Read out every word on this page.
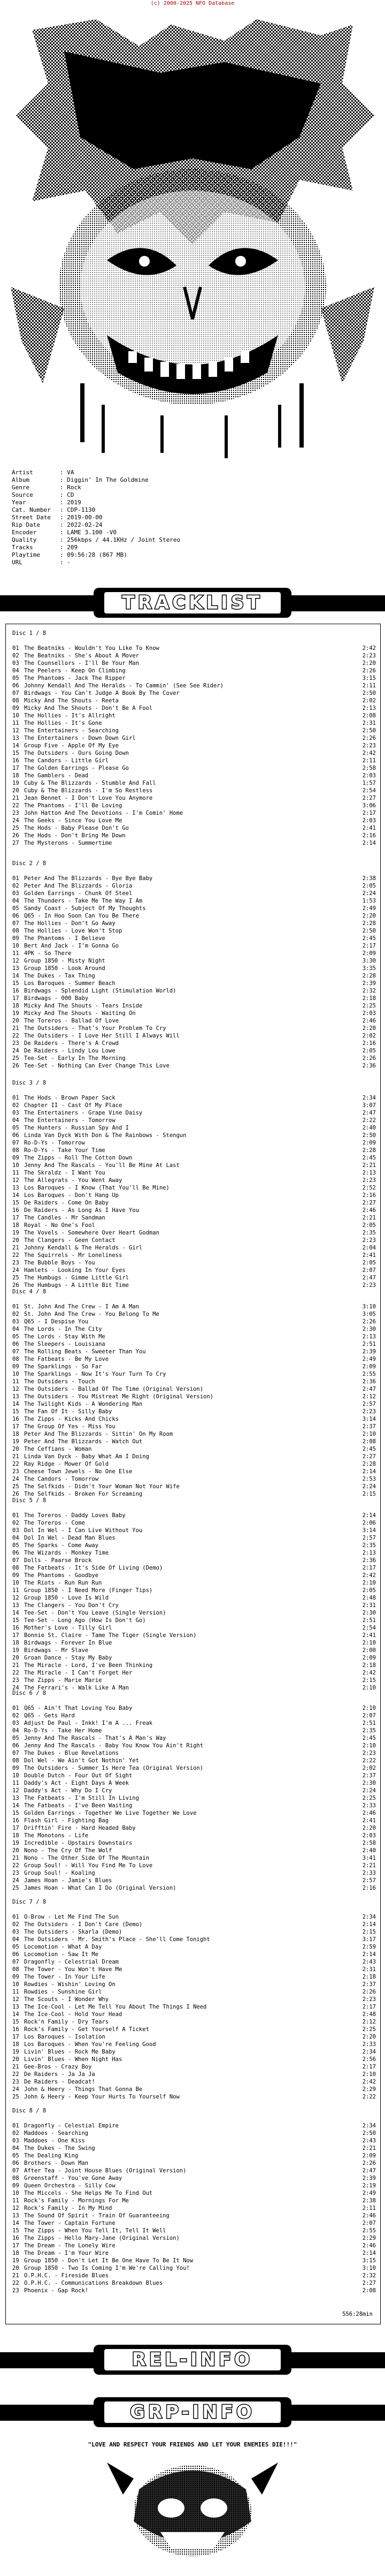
(c) 2000-2025 NFO Database
Artist	: VA
Album	: Diggin' In The Goldmine
Genre	: Rock
Source	: CD
Year	: 2019
Cat. Number : CDP-1130
Street Date : 2019-00-00
Rip Date	: 2022-02-24
Encoder	: LAME 3.100 -V0
Quality	: 256kbps / 44.1KHz / Joint Stereo
Tracks	: 209
Playtime	: 09:56:28 (867 MB)
URL	: -
TRACKLIST
Disc 1 / 8

01 The Beatniks - Wouldn't You Like To Know	2:42
02 The Beatniks - She's About A Mover	2:23
03 The Counsellors - I'll Be Your Man	2:20
04 The Peelers - Keep On Climbing	2:26
05 The Phantoms - Jack The Ripper	3:15
06 Johnny Kendall And The Heralds - To Cammin' (See See Rider)	2:11
07 Birdwags - You Can't Judge A Book By The Cover	2:50
08 Micky And The Shouts - Reeta	2:02
09 Micky And The Shouts - Don't Be A Fool	2:13
10 The Hollies - It's Allright	2:08
11 The Hollies - It's Gone	2:31
12 The Entertainers - Searching	2:50
13 The Entertainers - Down Down Girl	2:26
14 Group Five - Apple Of My Eye	2:23
15 The Outsiders - Ours Going Down	2:42
16 The Candors - Little Girl	2:11
17 The Golden Earrings - Please Go	2:58
18 The Gamblers - Dead	2:03
19 Cuby & The Blizzards - Stumble And Fall	1:57
20 Cuby & The Blizzards - I'm So Restless	2:54
21 Jean Bennet - I Don't Love You Anymore	2:27
22 The Phantoms - I'll Be Loving	3:06
23 John Hatton And The Devotions - I'm Comin' Home	2:17
24 The Geeks - Since You Love Me	2:03
25 The Hods - Baby Please Don't Go	2:41
26 The Hods - Don't Bring Me Down	2:16
27 The Mysterons - Summertime	2:14
Disc 2 / 8

01 Peter And The Blizzards - Bye Bye Baby	2:38
02 Peter And The Blizzards - Gloria	2:05
03 Golden Earrings - Chunk Of Steel	2:24
04 The Thunders - Take Me The Way I Am	1:53
05 Sandy Coast - Subject Of My Thoughts	2:49
06 Q65 - In Hoo Soon Can You Be There	2:20
07 The Hollies - Don't Go Away	2:28
08 The Hollies - Love Won't Stop	2:50
09 The Phantoms - I Believe	2:45
10 Bert And Jack - I'm Gonna Go	2:17
11 4PK - So There	2:09
12 Group 1850 - Misty Night	3:30
13 Group 1850 - Look Around	3:35
14 The Dukes - Tax Thing	2:28
15 Los Baroques - Summer Beach	2:39
16 Birdwags - Splendid Light (Stimulation World)	2:32
17 Birdwags - 000 Baby	2:18
18 Micky And The Shouts - Tears Inside	2:25
19 Micky And The Shouts - Waiting On	2:03
20 The Toreros - Ballad Of Love	2:46
21 The Outsiders - That's Your Problem To Cry	2:20
22 The Outsiders - I Love Her Still I Always Will	2:02
23 De Raiders - There's A Crowd	2:16
24 De Raiders - Lindy Lou Lowe	2:05
25 Tee-Set - Early In The Morning	2:26
26 Tee-Set - Nothing Can Ever Change This Love	2:36
Disc 3 / 8

01 The Hods - Brown Paper Sack	2:34
02 Chapter II - Cast Of My Place	3:07
03 The Entertainers - Grape Vine Daisy	2:47
04 The Entertainers - Tomorrow	2:22
05 The Hunters - Russian Spy And I	2:40
06 Linda Van Dyck With Don & The Rainbows - Stengun	2:50
07 Ro-D-Ys - Tomorrow	2:09
08 Ro-D-Ys - Take Your Time	2:28
09 The Zipps - Roll The Cotton Down	2:45
10 Jenny And The Rascals - You'll Be Mine At Last	2:21
11 The Skraldz - I Want You	2:13
12 The Allegrats - You Went Away	2:23
13 Los Baroques - I Know (That You'll Be Mine)	2:52
14 Los Baroques - Don't Hang Up	2:16
15 De Raiders - Come On Baby	2:27
16 De Raiders - As Long As I Have You	2:46
17 The Candles - Mr Sandman	2:21
18 Royal - No One's Fool	2:05
19 The Vovels - Somewhere Over Heart Godman	2:35
20 The Clangers - Geen Contact	2:23
21 Johnny Kendall & The Heralds - Girl	2:04
22 The Squirrels - Mr Loneliness	2:41
23 The Bubble Boys - You	2:05
24 Hamlets - Looking In Your Eyes	2:07
25 The Humbugs - Gimme Little Girl	2:47
26 The Humbugs - A Little Bit Time	2:23
Disc 4 / 8

01 St. John And The Crew - I Am A Man	3:10
02 St. John And The Crew - You Belong To Me	3:05
03 Q65 - I Despise You	2:26
04 The Lords - In The City	2:30
05 The Lords - Stay With Me	2:13
06 The Sleepers - Louisiana	2:51
07 The Rolling Beats - Sweeter Than You	2:39
08 The Fatbeats - Be My Love	2:49
09 The Sparklings - So Far	2:09
10 The Sparklings - Now It's Your Turn To Cry	2:55
11 The Outsiders - Touch	2:36
12 The Outsiders - Ballad Of The Time (Original Version)	2:47
13 The Outsiders - You Mistreat Me Right (Original Version)	2:12
14 The Twilight Kids - A Wondering Man	2:57
15 The Fan Of It - Silly Baby	2:23
16 The Zipps - Kicks And Chicks	3:14
17 The Group Of Yes - Miss You	2:37
18 Peter And The Blizzards - Sittin' On My Room	2:10
19 Peter And The Blizzards - Watch Out	2:08
20 The Ceffians - Woman	2:45
21 Linda Van Dyck - Baby What Am I Doing	2:27
22 Ray Ridge - Mower Of Gold	2:28
23 Cheese Town Jewels - No One Else	2:14
24 The Candors - Tomorrow	2:53
25 The Selfkids - Didn't Your Woman Not Your Wife	2:24
26 The Selfkids - Broken For Screaming	2:15
Disc 5 / 8

01 The Toreros - Daddy Loves Baby	2:14
02 The Toreros - Come	2:06
03 Dol In Wel - I Can Live Without You	3:14
04 Dol In Wel - Dead Man Blues	2:57
05 The Sparks - Come Away	2:35
06 The Wizards - Monkey Time	2:13
07 Dolls - Paarse Brock	2:36
08 The Fatbeats - It's Side Of Living (Demo)	2:17
09 The Phantoms - Goodbye	2:42
10 The Riots - Run Run Run	2:10
11 Group 1850 - I Need More (Finger Tips)	2:05
12 Group 1850 - Love Is Wild	2:48
13 The Clangers - You Don't Cry	2:31
14 Tee-Set - Don't You Leave (Single Version)	2:30
15 Tee-Set - Long Ago (How Is Don't Go)	2:51
16 Mother's Love - Tilly Girl	2:54
17 Bonnie St. Claire - Tame The Tiger (Single Version)	2:41
18 Birdwags - Forever In Blue	2:10
19 Birdwags - Mr Slave	2:00
20 Groan Dance - Stay My Baby	2:09
21 The Miracle - Lord, I've Been Thinking	2:18
22 The Miracle - I Can't Forget Her	2:42
23 The Zipps - Marie Marie	2:15
24 The Ferrari's - Walk Like A Man	2:10
Disc 6 / 8

01 Q65 - Ain't That Loving You Baby	2:10
02 Q65 - Gets Hard	2:07
03 Adjust De Paul - Inkk! I'm A ... Freak	2:51
04 Ro-D-Ys - Take Her Home	2:35
05 Jenny And The Rascals - That's A Man's Way	2:45
06 Jenny And The Rascals - Baby You Know You Ain't Right	2:10
07 The Dukes - Blue Revelations	2:23
08 Dol Wel - We Ain't Got Nothin' Yet	2:22
09 The Outsiders - Summer Is Here Tea (Original Version)	2:02
10 Double Dutch - Four Out Of Sight	2:37
11 Daddy's Act - Eight Days A Week	2:30
12 Daddy's Act - Why Do I Cry	2:24
13 The Fatbeats - I'm Still In Living	2:25
14 The Fatbeats - I've Been Waiting	2:33
15 Golden Earrings - Together We Live Together We Love	2:46
16 Flash Girl - Fighting Bag	2:41
17 Drifftin' Fire - Hard Headed Baby	2:20
18 The Monotons - Life	2:03
19 Incredible - Upstairs Downstairs	2:58
20 Nono - The Cry Of The Wolf	2:40
21 Nono - The Other Side Of The Mountain	3:41
22 Group Soul! - Will You Find Me To Love	2:21
23 Group Soul! - Koaling	2:33
24 James Hoan - Jamie's Blues	2:57
25 James Hoan - What Can I Do (Original Version)	2:16
Disc 7 / 8

01 O-Brow - Let Me Find The Sun	2:34
02 The Outsiders - I Don't Care (Demo)	2:14
03 The Outsiders - Skarla (Demo)	2:15
04 The Outsiders - Mr. Smith's Place - She'll Come Tonight	3:17
05 Locomotion - What A Day	2:59
06 Locomotion - Saw It Me	2:14
07 Dragonfly - Celestrial Dream	2:43
08 The Tower - You Won't Have Me	2:31
09 The Tower - In Your Life	2:18
10 Rowdies - Wishin' Loving On	2:37
11 Rowdies - Sunshine Girl	2:26
12 The Scouts - I Wonder Why	2:23
13 The Ice-Cool - Let Me Tell You About The Things I Need	2:17
14 The Ice-Cool - Hold Your Head	2:48
15 Rock'n Family - Dry Tears	2:12
16 Rock's Family - Get Yourself A Ticket	2:25
17 Los Baroques - Isolation	2:20
18 Los Baroques - When You're Feeling Good	2:33
19 Livin' Blues - Rock Me Baby	2:34
20 Livin' Blues - When Night Has	2:56
21 Gee-Bros - Crazy Boy	2:17
22 De Raiders - Ja Ja Ja	2:10
23 De Raiders - Deadcat!	2:42
24 John & Heery - Things That Gonna Be	2:29
25 John & Heery - Keep Your Hurts To Yourself Now	2:22
Disc 8 / 8

01 Dragonfly - Celestial Empire	2:34
02 Maddoes - Searching	2:50
03 Maddoes - One Kiss	2:43
04 The Dukes - The Swing	2:21
05 The Dealing King	2:09
06 Brothers - Down Man	2:26
07 After Tea - Joint House Blues (Original Version)	2:47
08 Greenstaff - You've Gone Away	2:39
09 Queen Orchestra - Silly Cow	2:19
10 The Miccels - She Helps Me To Find Out	2:49
11 Rock's Family - Mornings For Me	2:38
12 Rock's Family - In My Mind	2:11
13 The Sound Of Spirit - Train Of Guaranteeing	2:46
14 The Tower - Captain Fortune	2:07
15 The Zipps - When You Tell It, Tell It Well	2:55
16 The Zipps - Hello Mary-Jane (Original Version)	2:29
17 The Dream - The Lonely Wire	2:46
18 The Dream - I'm Your Wire	2:14
19 Group 1850 - Don't Let It Be One Have To Be It Now	3:15
20 Group 1850 - Two Is Coming I'm We're Calling You!	3:10
21 O.P.H.C. - Fireside Blues	2:32
22 O.P.H.C. - Communications Breakdown Blues	2:27
23 Phoenix - Gap Rock!	2:08
556:28min
REL-INFO
GRP-INFO
"LOVE AND RESPECT YOUR FRIENDS AND LET YOUR ENEMIES DIE!!!"
